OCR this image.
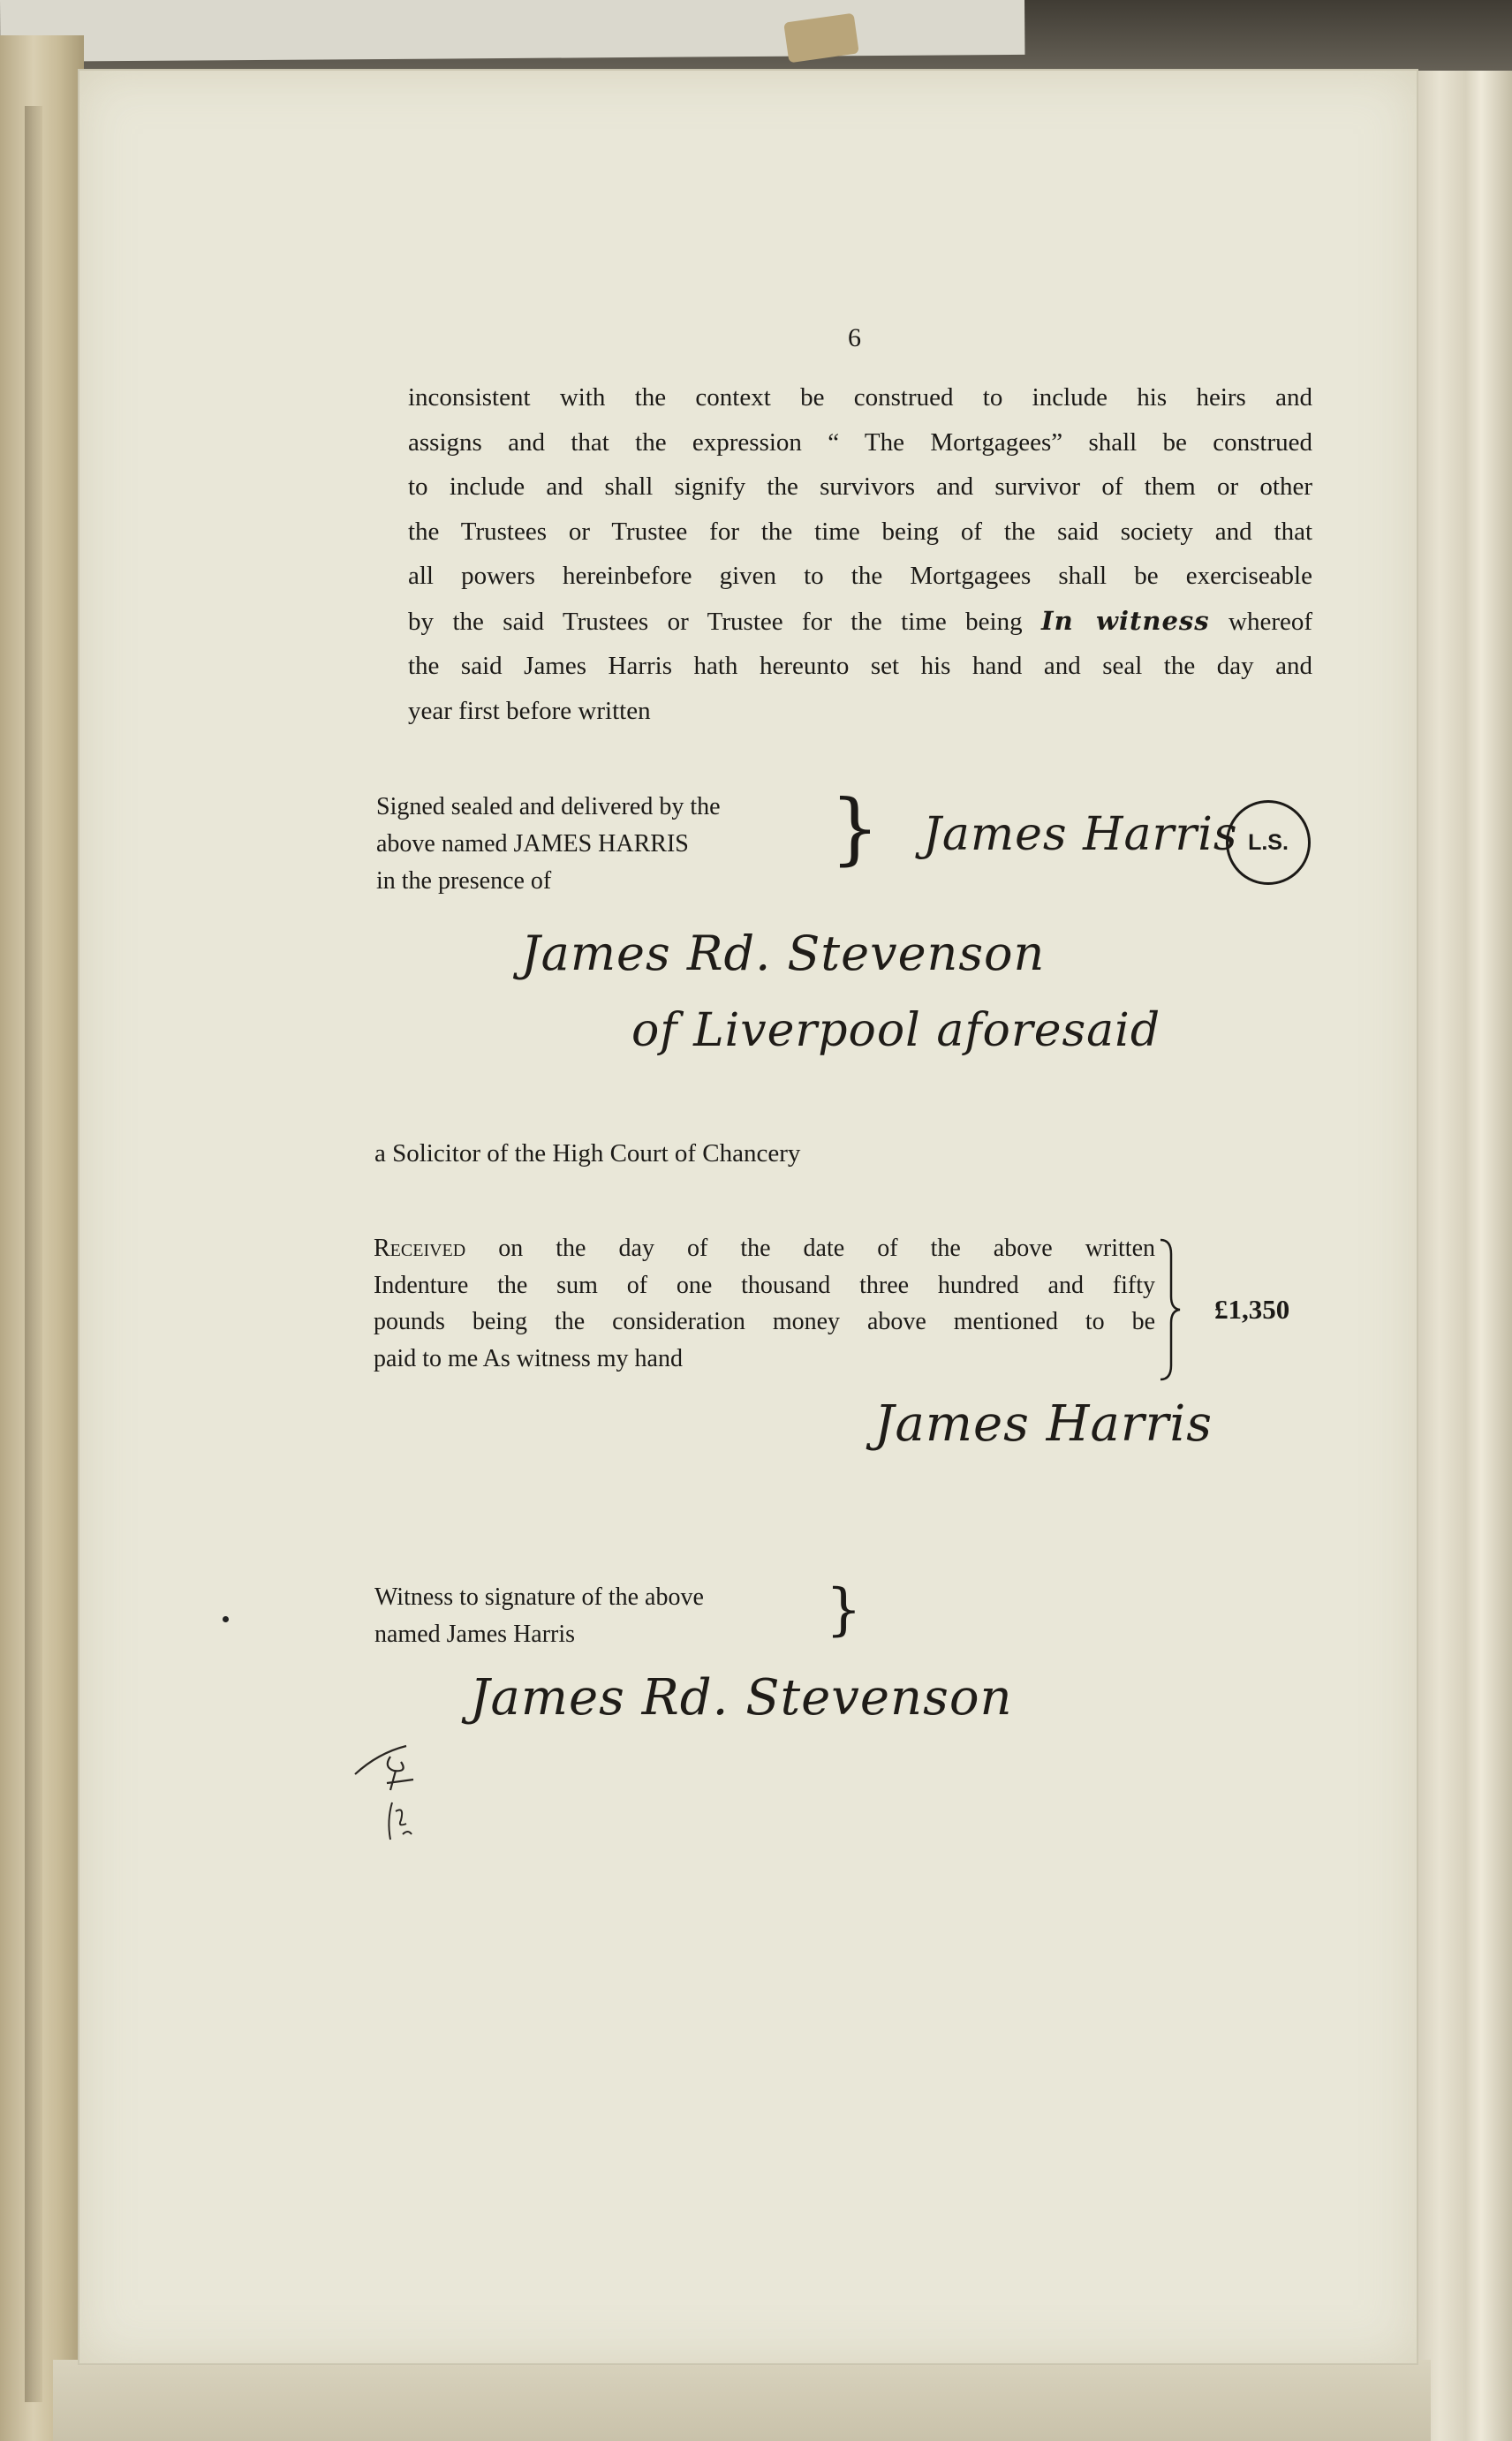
6
inconsistent with the context be construed to include his heirs and
assigns and that the expression “ The Mortgagees” shall be construed
to include and shall signify the survivors and survivor of them or other
the Trustees or Trustee for the time being of the said society and that
all powers hereinbefore given to the Mortgagees shall be exerciseable
by the said Trustees or Trustee for the time being In witness whereof
the said James Harris hath hereunto set his hand and seal the day and
year first before written
Signed sealed and delivered by the
above named JAMES HARRIS
in the presence of
} James Harris L.S.
James Rd. Stevenson
of Liverpool aforesaid
a Solicitor of the High Court of Chancery
Received on the day of the date of the above written
Indenture the sum of one thousand three hundred and fifty
pounds being the consideration money above mentioned to be
paid to me As witness my hand
£1,350
James Harris
Witness to signature of the above
named James Harris	}
James Rd. Stevenson
